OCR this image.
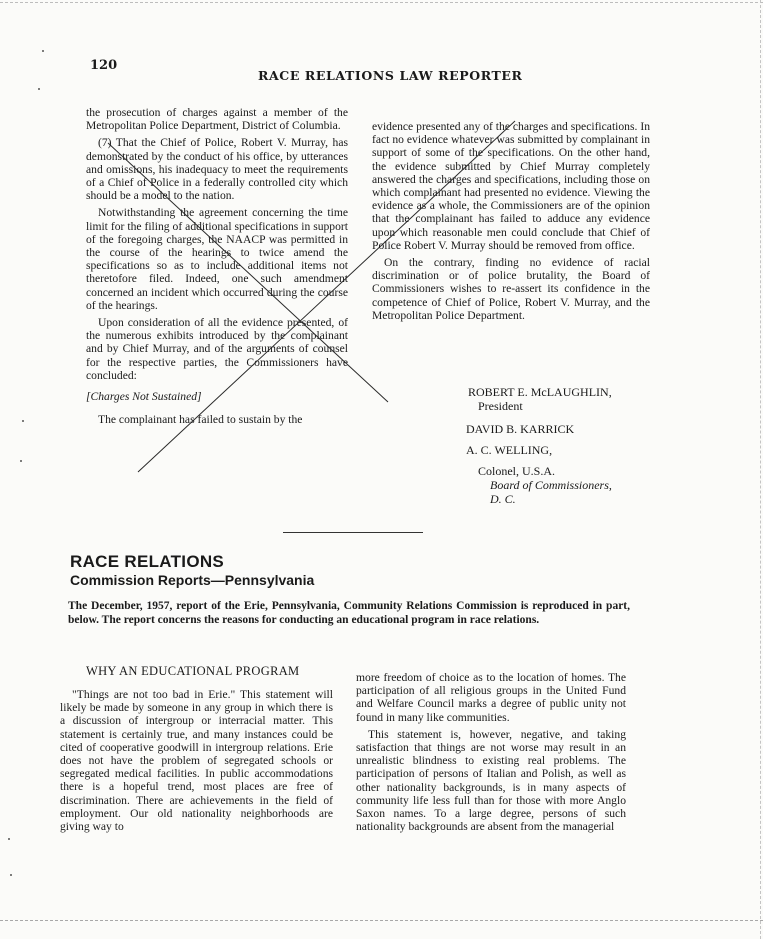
120
RACE RELATIONS LAW REPORTER

the prosecution of charges against a member of the Metropolitan Police Department, District of Columbia.

(7) That the Chief of Police, Robert V. Murray, has demonstrated by the conduct of his office, by utterances and omissions, his inadequacy to meet the requirements of a Chief of Police in a federally controlled city which should be a model to the nation.

Notwithstanding the agreement concerning the time limit for the filing of additional specifications in support of the foregoing charges, the NAACP was permitted in the course of the hearings to twice amend the specifications so as to include additional items not theretofore filed. Indeed, one such amendment concerned an incident which occurred during the course of the hearings.

Upon consideration of all the evidence presented, of the numerous exhibits introduced by the complainant and by Chief Murray, and of the arguments of counsel for the respective parties, the Commissioners have concluded:

[Charges Not Sustained]

The complainant has failed to sustain by the

evidence presented any of the charges and specifications. In fact no evidence whatever was submitted by complainant in support of some of the specifications. On the other hand, the evidence submitted by Chief Murray completely answered the charges and specifications, including those on which complainant had presented no evidence. Viewing the evidence as a whole, the Commissioners are of the opinion that the complainant has failed to adduce any evidence upon which reasonable men could conclude that Chief of Police Robert V. Murray should be removed from office.

On the contrary, finding no evidence of racial discrimination or of police brutality, the Board of Commissioners wishes to re-assert its confidence in the competence of Chief of Police, Robert V. Murray, and the Metropolitan Police Department.

ROBERT E. McLAUGHLIN,
President
DAVID B. KARRICK
A. C. WELLING,
Colonel, U.S.A.
Board of Commissioners,
D. C.
RACE RELATIONS
Commission Reports—Pennsylvania
The December, 1957, report of the Erie, Pennsylvania, Community Relations Commission is reproduced in part, below. The report concerns the reasons for conducting an educational program in race relations.
WHY AN EDUCATIONAL PROGRAM

"Things are not too bad in Erie." This statement will likely be made by someone in any group in which there is a discussion of intergroup or interracial matter. This statement is certainly true, and many instances could be cited of cooperative goodwill in intergroup relations. Erie does not have the problem of segregated schools or segregated medical facilities. In public accommodations there is a hopeful trend, most places are free of discrimination. There are achievements in the field of employment. Our old nationality neighborhoods are giving way to

more freedom of choice as to the location of homes. The participation of all religious groups in the United Fund and Welfare Council marks a degree of public unity not found in many like communities.

This statement is, however, negative, and taking satisfaction that things are not worse may result in an unrealistic blindness to existing real problems. The participation of persons of Italian and Polish, as well as other nationality backgrounds, is in many aspects of community life less full than for those with more Anglo Saxon names. To a large degree, persons of such nationality backgrounds are absent from the managerial
